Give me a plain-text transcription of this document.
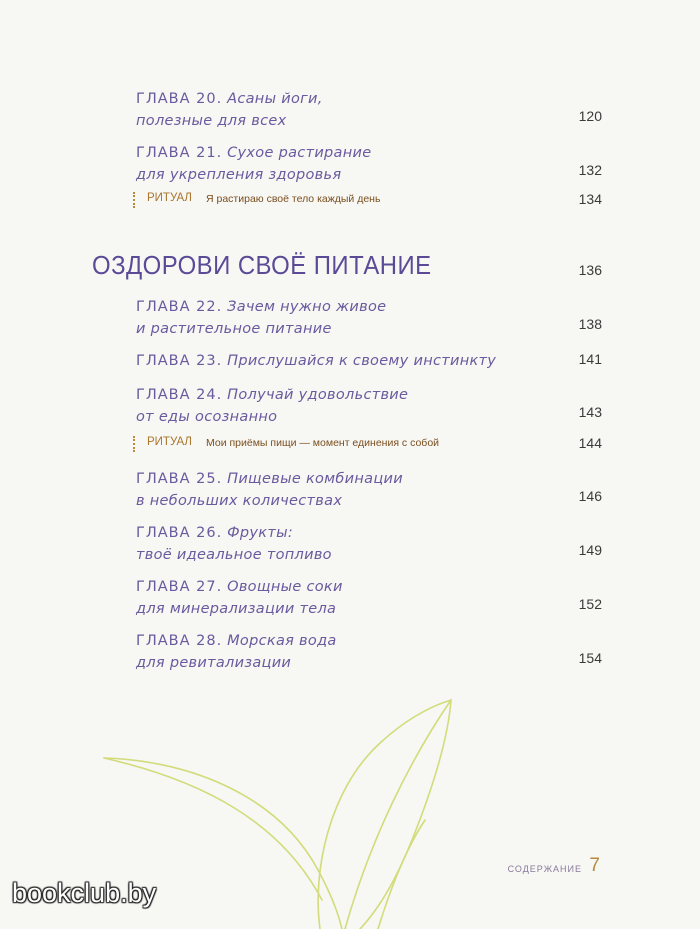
ГЛАВА 20. Асаны йоги,
полезные для всех	120
ГЛАВА 21. Сухое растирание
для укрепления здоровья	132
РИТУАЛ Я растираю своё тело каждый день	134
ОЗДОРОВИ СВОЁ ПИТАНИЕ	136
ГЛАВА 22. Зачем нужно живое
и растительное питание	138
ГЛАВА 23. Прислушайся к своему инстинкту	141
ГЛАВА 24. Получай удовольствие
от еды осознанно	143
РИТУАЛ Мои приёмы пищи — момент единения с собой	144
ГЛАВА 25. Пищевые комбинации
в небольших количествах	146
ГЛАВА 26. Фрукты:
твоё идеальное топливо	149
ГЛАВА 27. Овощные соки
для минерализации тела	152
ГЛАВА 28. Морская вода
для ревитализации	154
СОДЕРЖАНИЕ 7
bookclub.by
